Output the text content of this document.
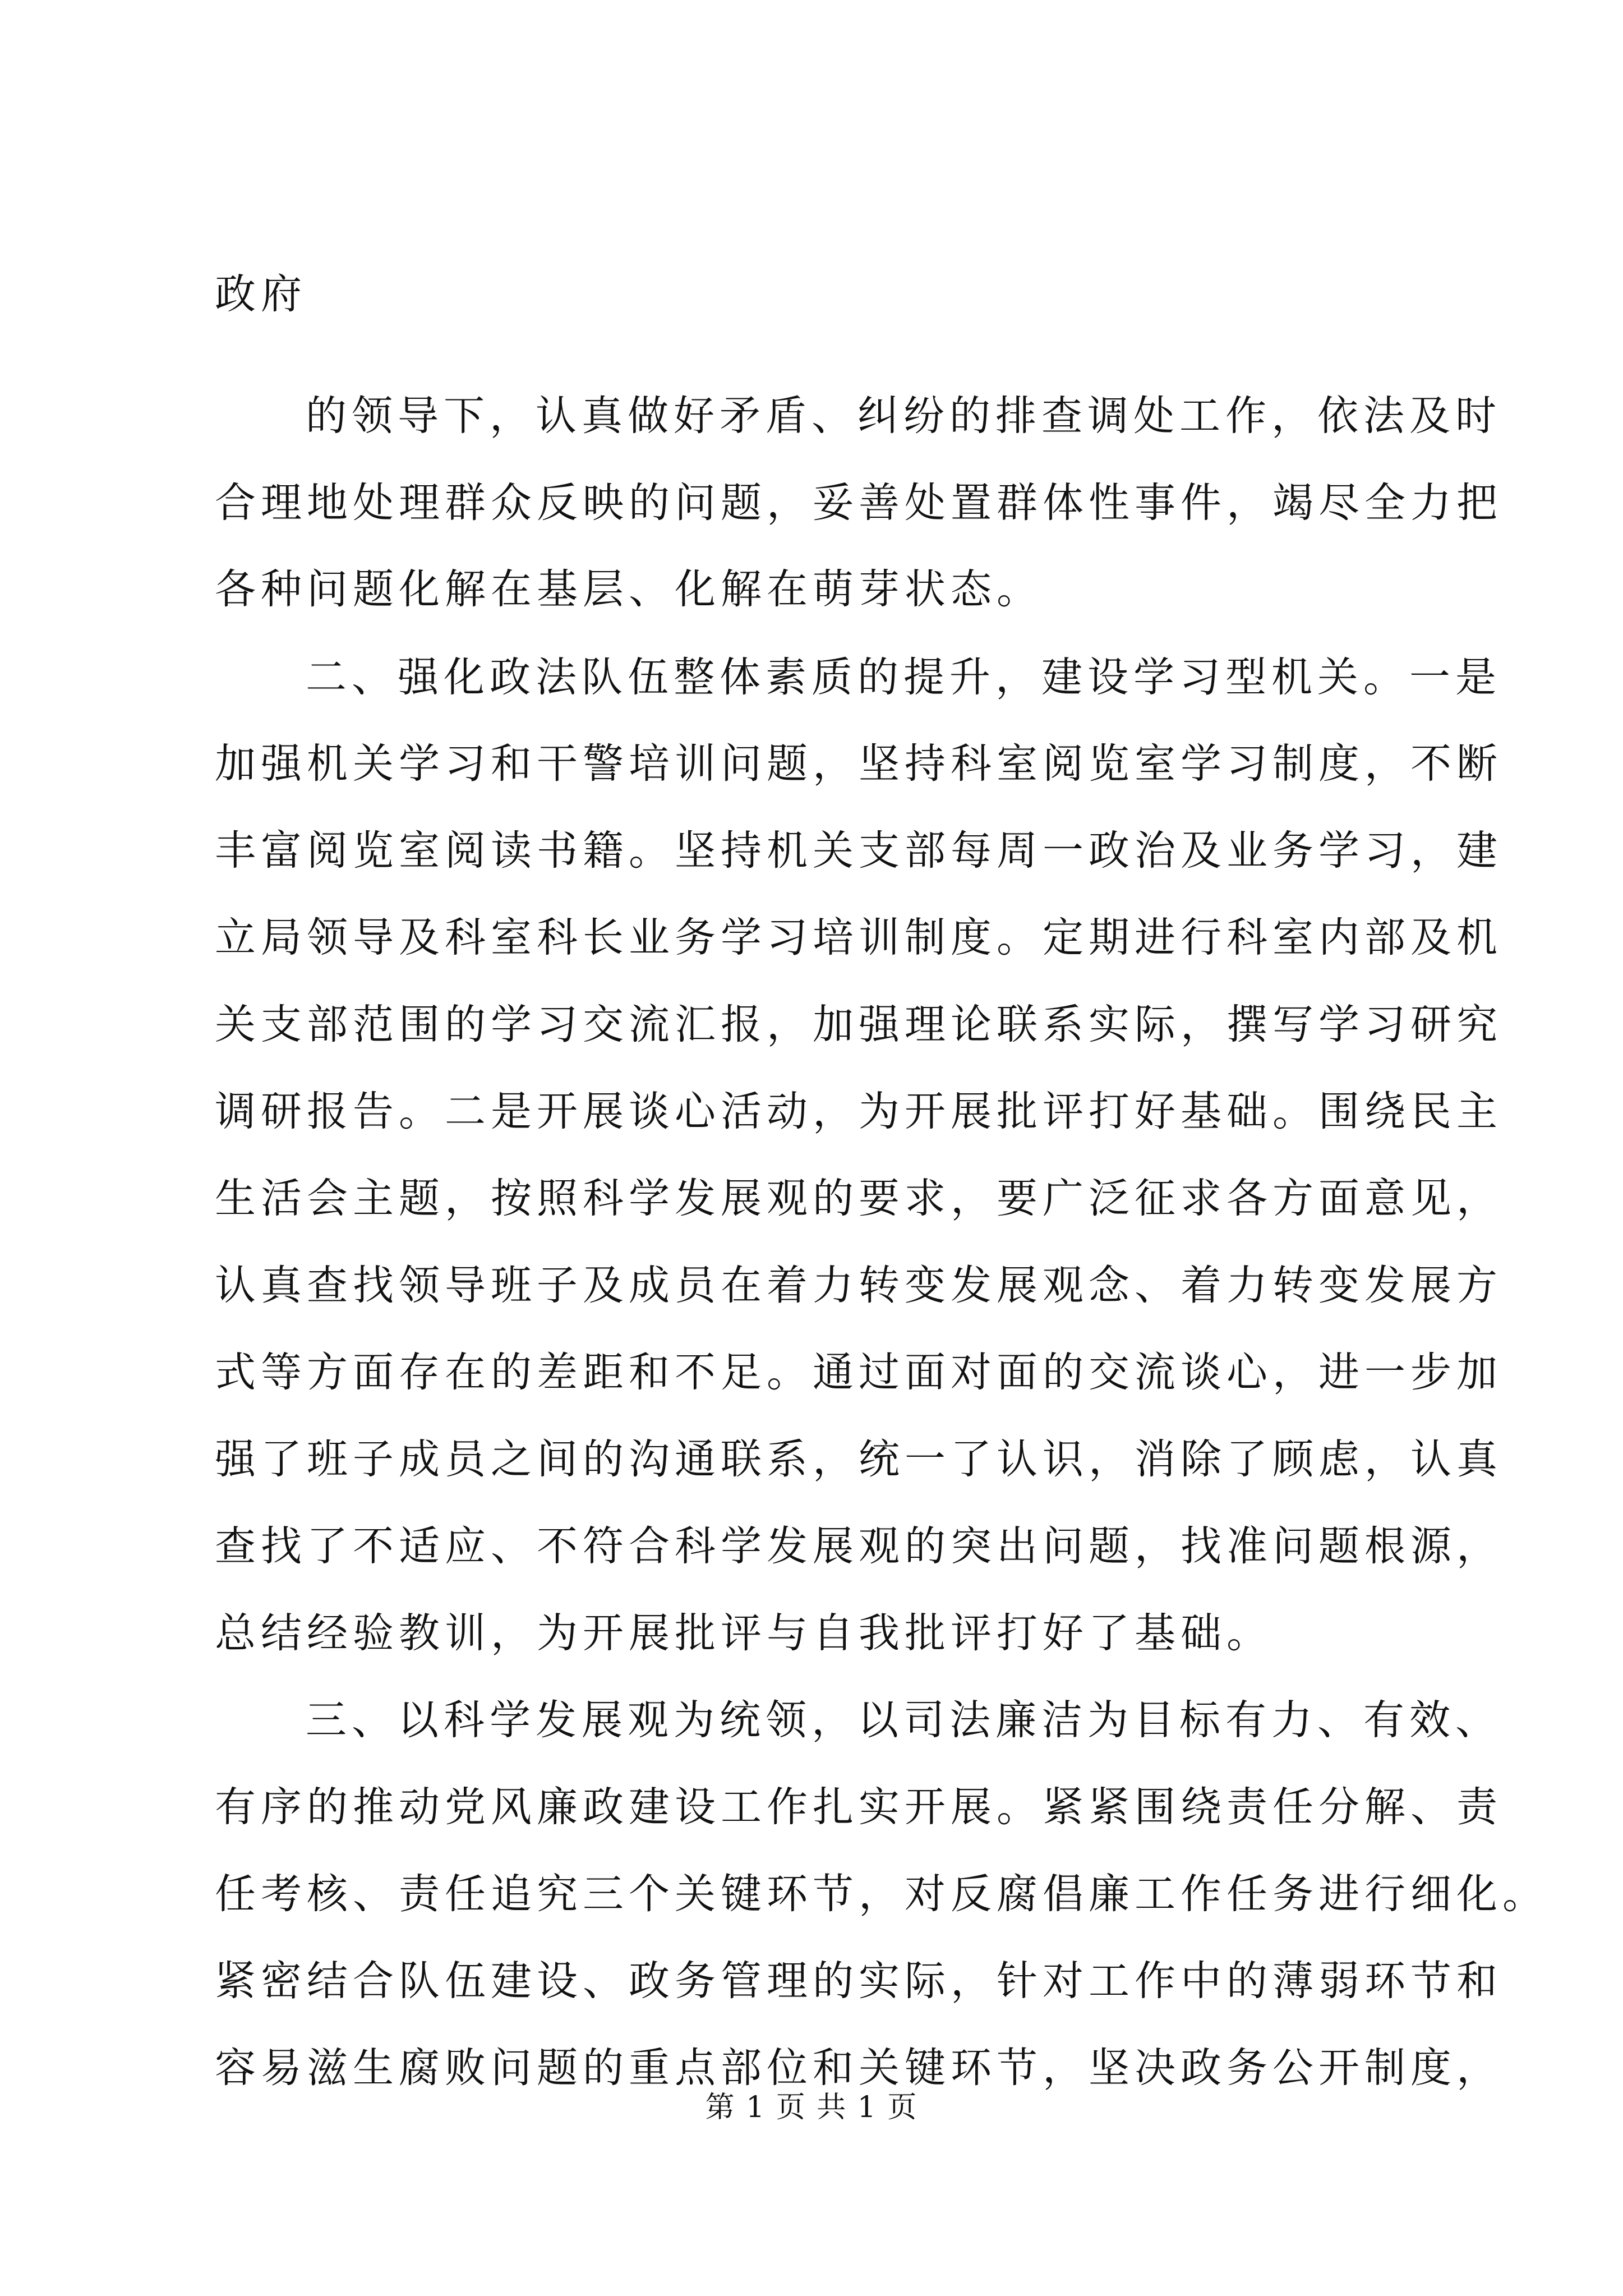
政府
的领导下，认真做好矛盾、纠纷的排查调处工作，依法及时
合理地处理群众反映的问题，妥善处置群体性事件，竭尽全力把
各种问题化解在基层、化解在萌芽状态。
二、强化政法队伍整体素质的提升，建设学习型机关。一是
加强机关学习和干警培训问题，坚持科室阅览室学习制度，不断
丰富阅览室阅读书籍。坚持机关支部每周一政治及业务学习，建
立局领导及科室科长业务学习培训制度。定期进行科室内部及机
关支部范围的学习交流汇报，加强理论联系实际，撰写学习研究
调研报告。二是开展谈心活动，为开展批评打好基础。围绕民主
生活会主题，按照科学发展观的要求，要广泛征求各方面意见，
认真查找领导班子及成员在着力转变发展观念、着力转变发展方
式等方面存在的差距和不足。通过面对面的交流谈心，进一步加
强了班子成员之间的沟通联系，统一了认识，消除了顾虑，认真
查找了不适应、不符合科学发展观的突出问题，找准问题根源，
总结经验教训，为开展批评与自我批评打好了基础。
三、以科学发展观为统领，以司法廉洁为目标有力、有效、
有序的推动党风廉政建设工作扎实开展。紧紧围绕责任分解、责
任考核、责任追究三个关键环节，对反腐倡廉工作任务进行细化。
紧密结合队伍建设、政务管理的实际，针对工作中的薄弱环节和
容易滋生腐败问题的重点部位和关键环节，坚决政务公开制度，
第 1 页 共 1 页
